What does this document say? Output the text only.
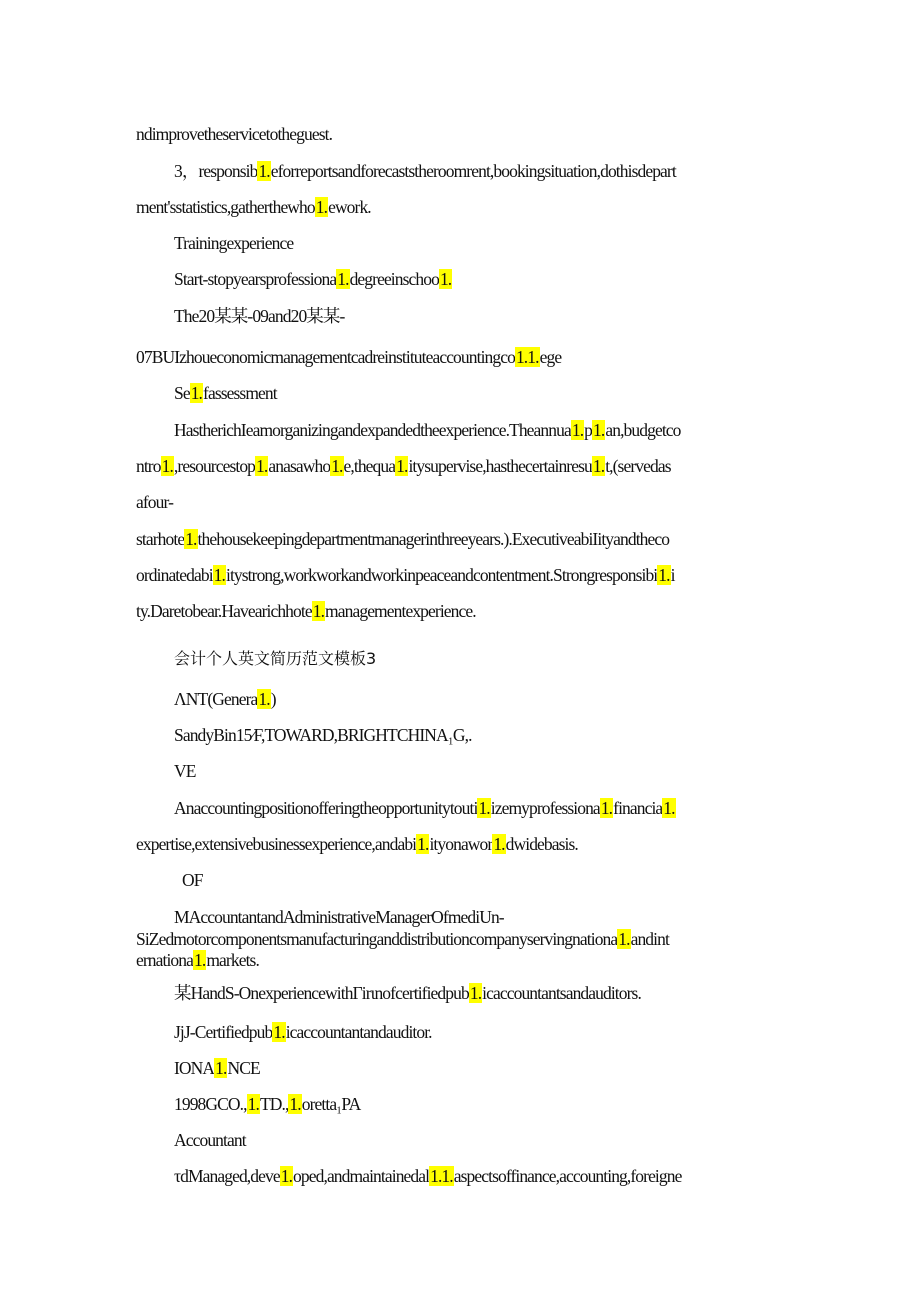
ndimprovetheservicetotheguest.
3，responsib1.eforreportsandforecaststheroomrent,bookingsituation,dothisdepart
ment'sstatistics,gatherthewho1.ework.
Trainingexperience
Start-stopyearsprofessiona1.degreeinschoo1.
The20某某-09and20某某-
07BUIzhoueconomicmanagementcadreinstituteaccountingco1.1.ege
Se1.fassessment
HastherichIeamorganizingandexpandedtheexperience.Theannua1.p1.an,budgetco
ntro1.,resourcestop1.anasawho1.e,thequa1.itysupervise,hasthecertainresu1.t,(servedas
afour-
starhote1.thehousekeepingdepartmentmanagerinthreeyears.).ExecutiveabiIityandtheco
ordinatedabi1.itystrong,workworkandworkinpeaceandcontentment.Strongresponsibi1.i
ty.Daretobear.Havearichhote1.managementexperience.
会计个人英文简历范文模板3
ΛNT(Genera1.)
SandyBin15∕F,TOWARD,BRIGHTCHINA₁G,.
VE
Anaccountingpositionofferingtheopportunitytouti1.izemyprofessiona1.financia1.
expertise,extensivebusinessexperience,andabi1.ityonawor1.dwidebasis.
OF
MAccountantandAdministrativeManagerOfmediUn-
SiZedmotorcomponentsmanufacturinganddistributioncompanyservingnationa1.andint
ernationa1.markets.
某HandS-OnexperiencewithΓirιnofcertifiedpub1.icaccountantsandauditors.
JjJ-Certifiedpub1.icaccountantandauditor.
IONA1.NCE
1998GCO.,1.TD.,1.oretta₁PA
Accountant
τdManaged,deve1.oped,andmaintainedal1.1.aspectsoffinance,accounting,foreigne
